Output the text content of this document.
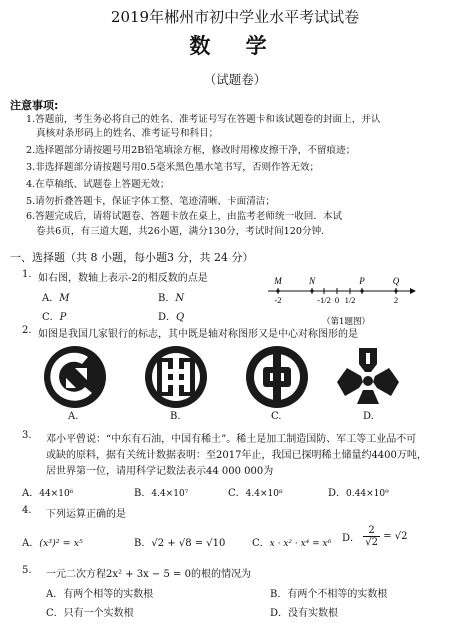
2019年郴州市初中学业水平考试试卷
数 学
（试题卷）
注意事项:
1.答题前，考生务必将自己的姓名、准考证号写在答题卡和该试题卷的封面上，并认
真核对条形码上的姓名、准考证号和科目；
2.选择题部分请按题号用2B铅笔填涂方框，修改时用橡皮擦干净，不留痕迹；
3.非选择题部分请按题号用0.5毫米黑色墨水笔书写，否则作答无效；
4.在草稿纸、试题卷上答题无效；
5.请勿折叠答题卡，保证字体工整、笔迹清晰、卡面清洁；
6.答题完成后，请将试题卷、答题卡放在桌上，由监考老师统一收回．本试
卷共6页，有三道大题，共26小题，满分130分，考试时间120分钟．
一、选择题（共 8 小题，每小题3 分，共 24 分）
1. 如右图，数轴上表示-2的相反数的点是
A．M	B．N
C．P	D．Q
M	N	P	Q
-2	-1/2 0 1/2	2
（第1题图）
2. 如图是我国几家银行的标志，其中既是轴对称图形又是中心对称图形的是
A.	B.	C.	D.
3. 邓小平曾说：“中东有石油，中国有稀土”。稀土是加工制造国防、军工等工业品不可
或缺的原料，据有关统计数据表明：至2017年止，我国已探明稀土储量约4400万吨，
居世界第一位，请用科学记数法表示44 000 000为
A．44×10⁶	B．4.4×10⁷	C．4.4×10⁸	D．0.44×10⁹
4. 下列运算正确的是
A．(x³)² = x⁵	B．√2 + √8 = √10	C．x · x² · x⁴ = x⁶ D． $\frac{2}{√2} = √2$
5. 一元二次方程2x² + 3x − 5 = 0的根的情况为
A．有两个相等的实数根	B．有两个不相等的实数根
C．只有一个实数根	D．没有实数根
